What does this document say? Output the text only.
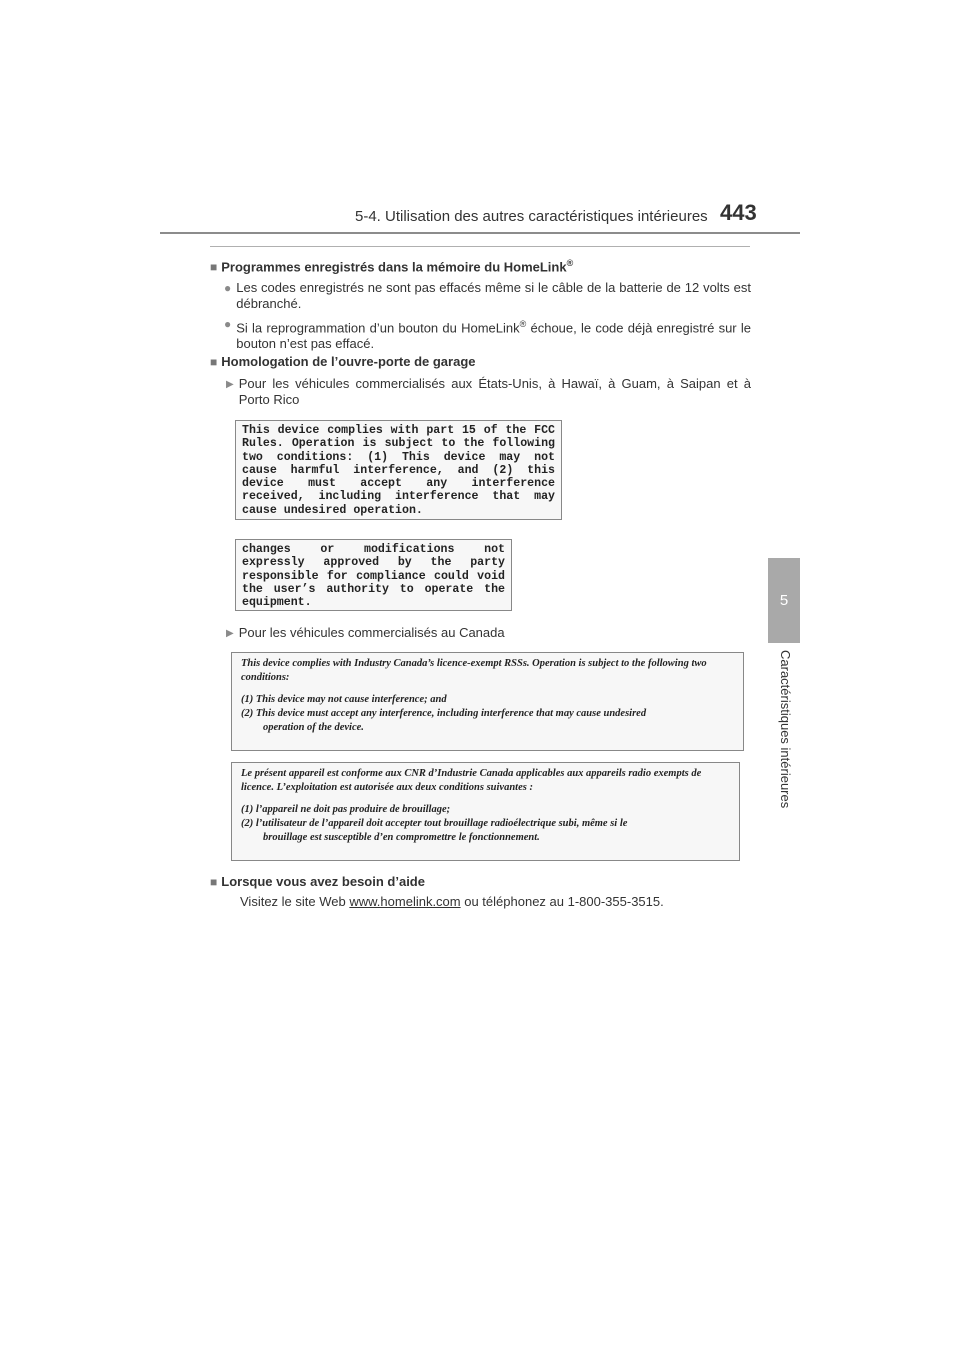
5-4. Utilisation des autres caractéristiques intérieures 443
5
Caractéristiques intérieures
■ Programmes enregistrés dans la mémoire du HomeLink®
● Les codes enregistrés ne sont pas effacés même si le câble de la batterie de 12 volts est débranché.
● Si la reprogrammation d’un bouton du HomeLink® échoue, le code déjà enregistré sur le bouton n’est pas effacé.
■ Homologation de l’ouvre-porte de garage
▶ Pour les véhicules commercialisés aux États-Unis, à Hawaï, à Guam, à Saipan et à Porto Rico
This device complies with part 15 of the FCC Rules. Operation is subject to the following two conditions: (1) This device may not cause harmful interference, and (2) this device must accept any interference received, including interference that may cause undesired operation.
changes or modifications not expressly approved by the party responsible for compliance could void the user’s authority to operate the equipment.
▶ Pour les véhicules commercialisés au Canada
This device complies with Industry Canada’s licence-exempt RSSs. Operation is subject to the following two conditions:
(1) This device may not cause interference; and
(2) This device must accept any interference, including interference that may cause undesired
operation of the device.
Le présent appareil est conforme aux CNR d’Industrie Canada applicables aux appareils radio exempts de licence. L’exploitation est autorisée aux deux conditions suivantes :
(1) l’appareil ne doit pas produire de brouillage;
(2) l’utilisateur de l’appareil doit accepter tout brouillage radioélectrique subi, même si le
brouillage est susceptible d’en compromettre le fonctionnement.
■ Lorsque vous avez besoin d’aide
Visitez le site Web www.homelink.com ou téléphonez au 1-800-355-3515.
